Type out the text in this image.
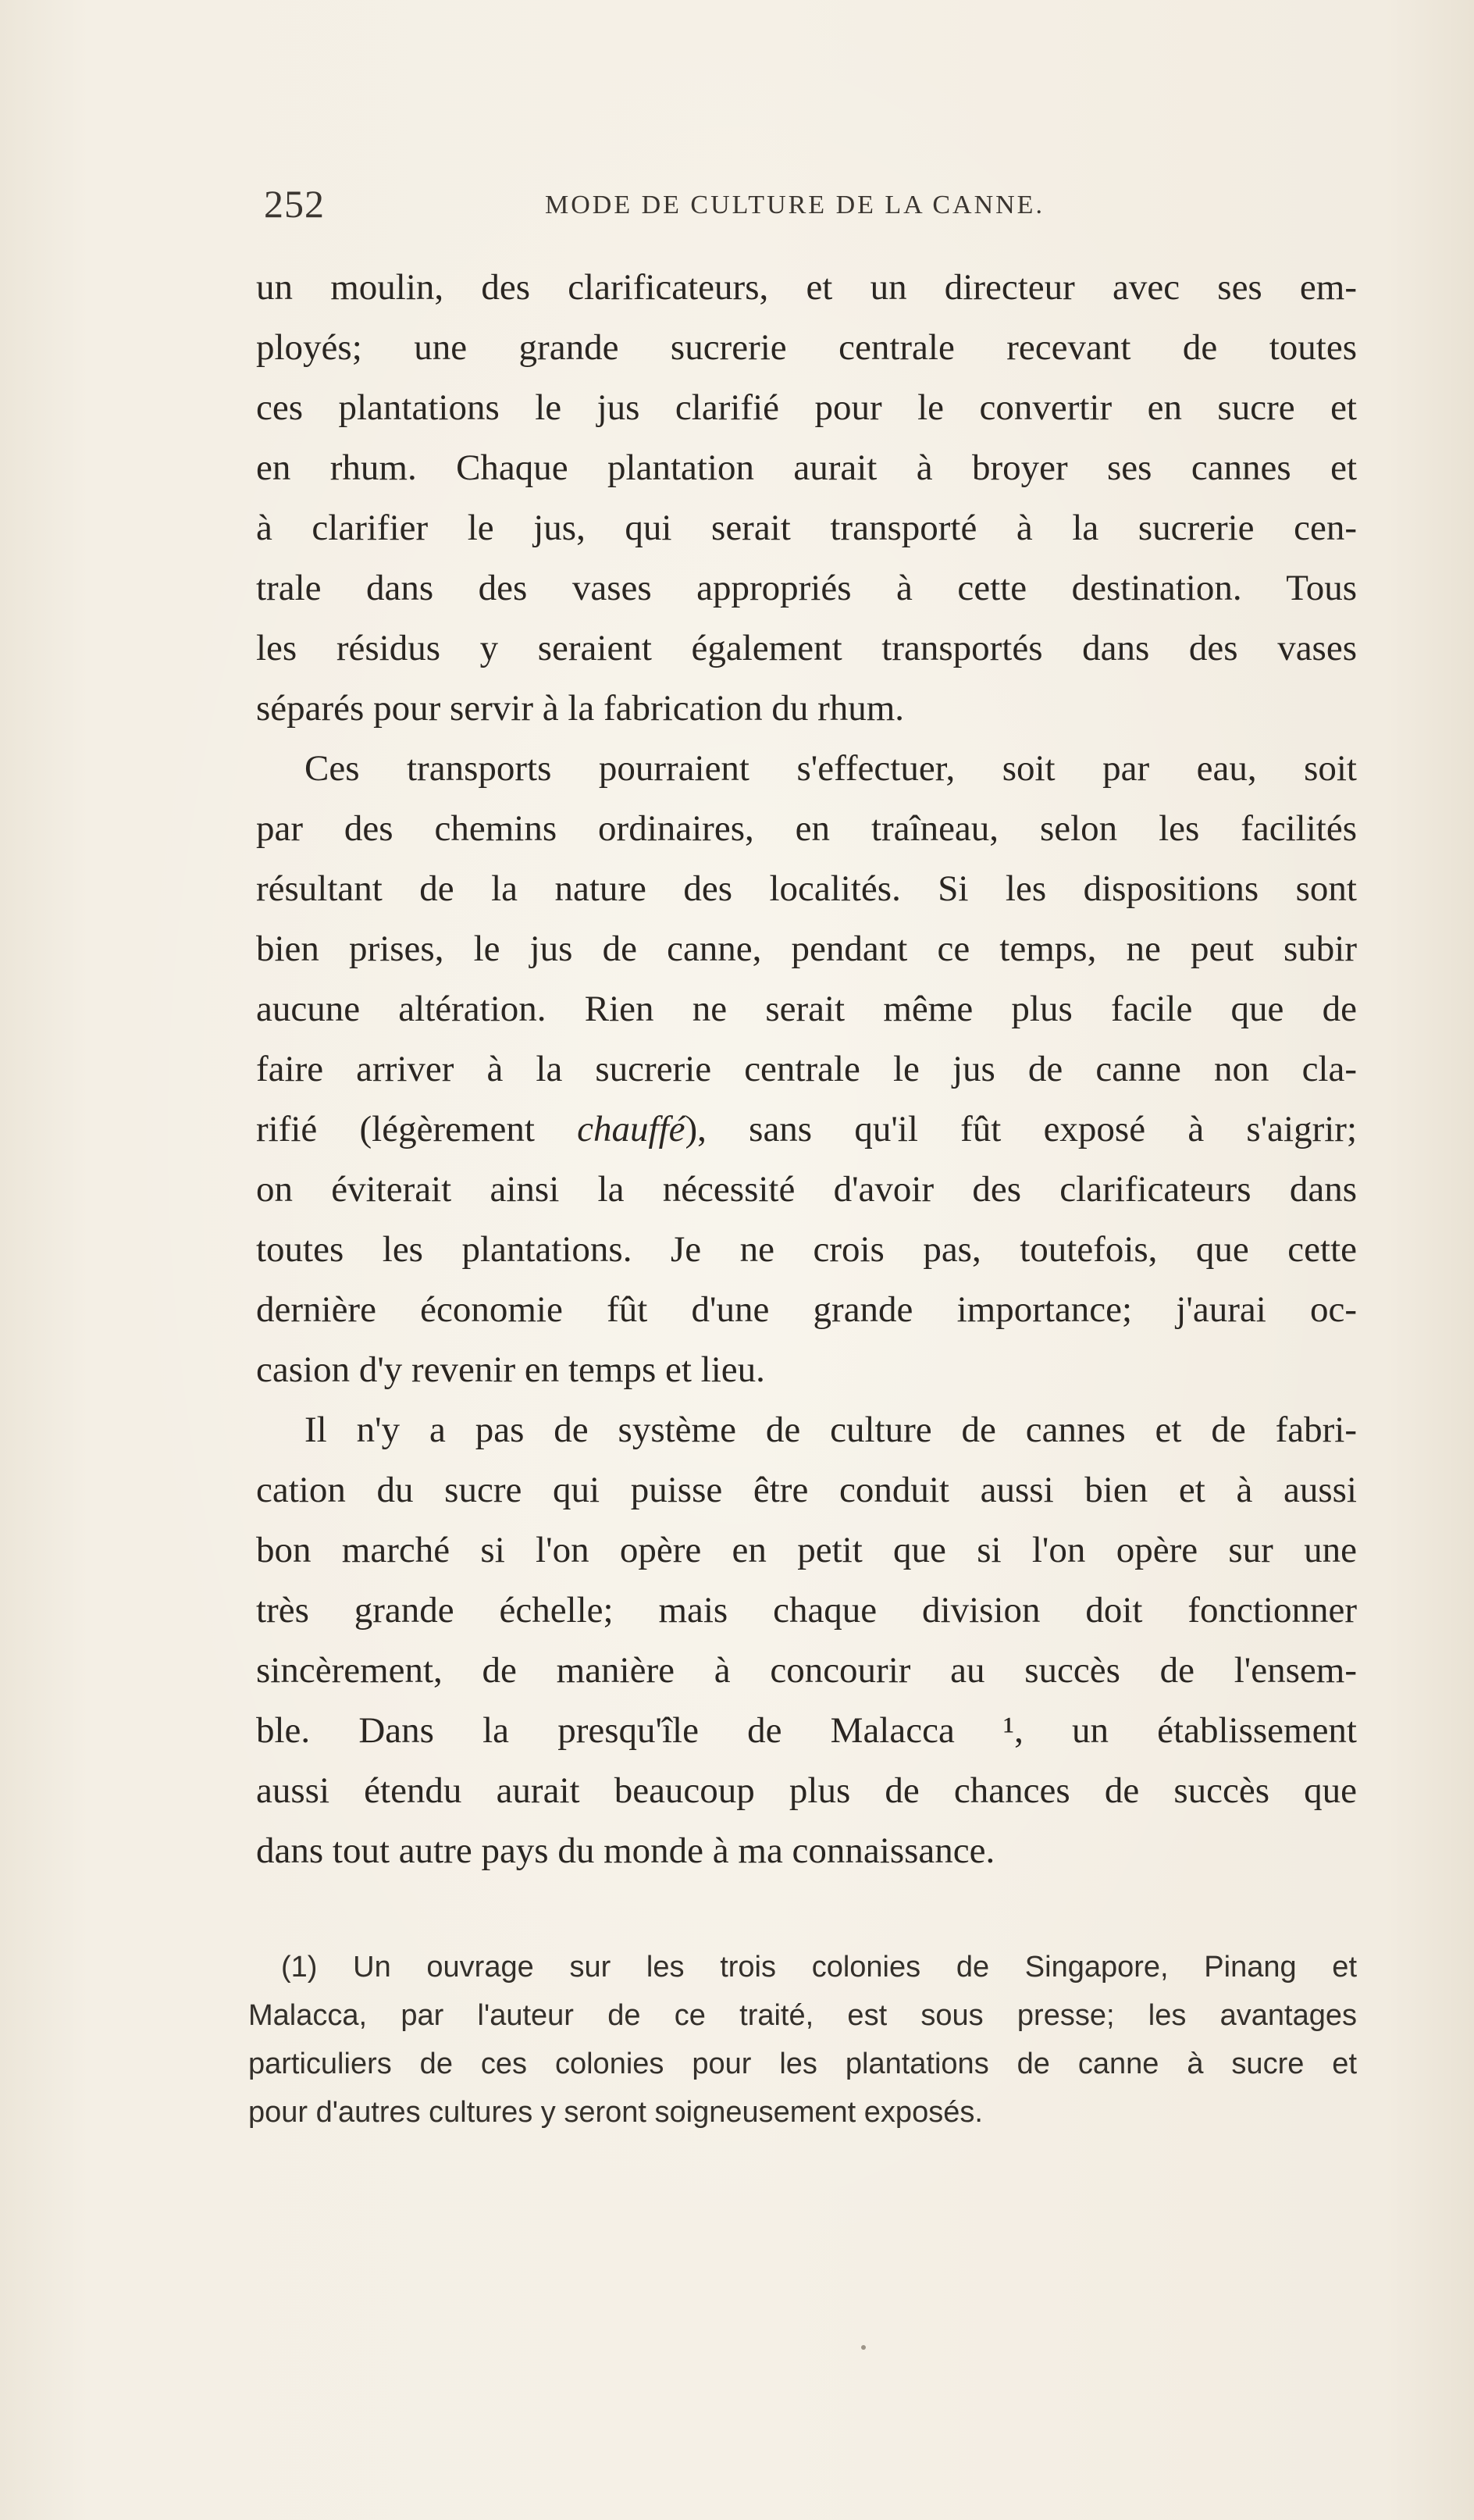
252	MODE DE CULTURE DE LA CANNE.
un moulin, des clarificateurs, et un directeur avec ses em-
ployés; une grande sucrerie centrale recevant de toutes
ces plantations le jus clarifié pour le convertir en sucre et
en rhum. Chaque plantation aurait à broyer ses cannes et
à clarifier le jus, qui serait transporté à la sucrerie cen-
trale dans des vases appropriés à cette destination. Tous
les résidus y seraient également transportés dans des vases
séparés pour servir à la fabrication du rhum.
Ces transports pourraient s'effectuer, soit par eau, soit
par des chemins ordinaires, en traîneau, selon les facilités
résultant de la nature des localités. Si les dispositions sont
bien prises, le jus de canne, pendant ce temps, ne peut subir
aucune altération. Rien ne serait même plus facile que de
faire arriver à la sucrerie centrale le jus de canne non cla-
rifié (légèrement chauffé), sans qu'il fût exposé à s'aigrir;
on éviterait ainsi la nécessité d'avoir des clarificateurs dans
toutes les plantations. Je ne crois pas, toutefois, que cette
dernière économie fût d'une grande importance; j'aurai oc-
casion d'y revenir en temps et lieu.
Il n'y a pas de système de culture de cannes et de fabri-
cation du sucre qui puisse être conduit aussi bien et à aussi
bon marché si l'on opère en petit que si l'on opère sur une
très grande échelle; mais chaque division doit fonctionner
sincèrement, de manière à concourir au succès de l'ensem-
ble. Dans la presqu'île de Malacca ¹, un établissement
aussi étendu aurait beaucoup plus de chances de succès que
dans tout autre pays du monde à ma connaissance.
(1) Un ouvrage sur les trois colonies de Singapore, Pinang et
Malacca, par l'auteur de ce traité, est sous presse; les avantages
particuliers de ces colonies pour les plantations de canne à sucre et
pour d'autres cultures y seront soigneusement exposés.
